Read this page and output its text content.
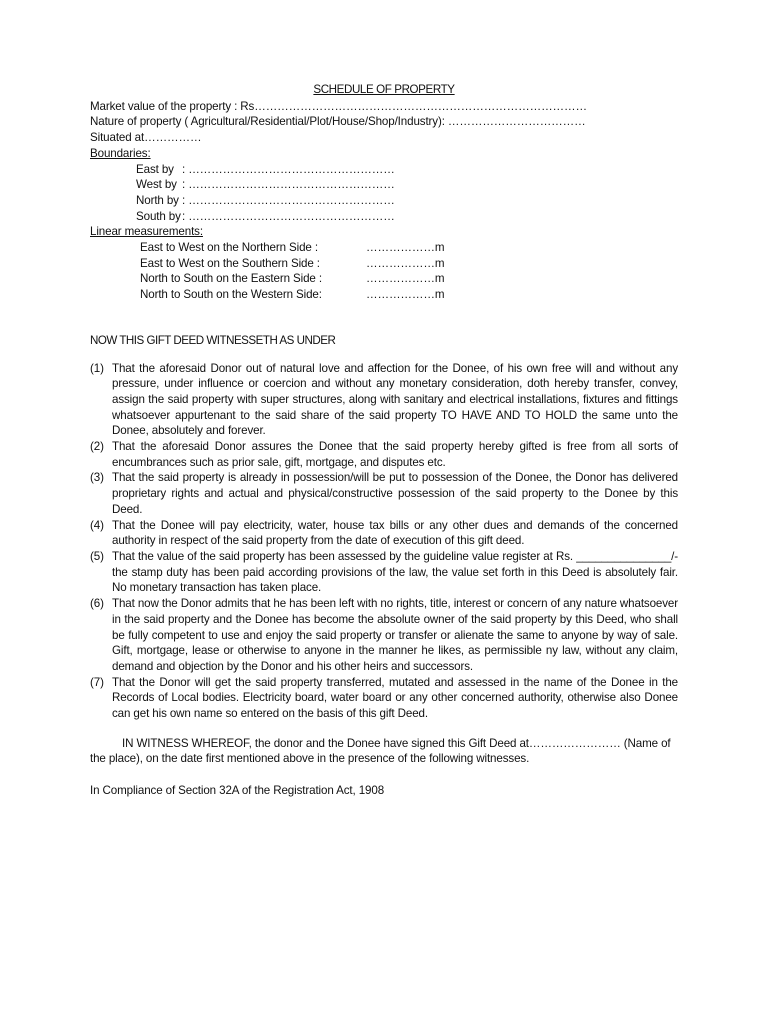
SCHEDULE OF PROPERTY
Market value of the property : Rs……………………………………………………………………………
Nature of property ( Agricultural/Residential/Plot/House/Shop/Industry): ………………………………
Situated at……………
Boundaries:
East by : ………………………………………………
West by : ………………………………………………
North by : ………………………………………………
South by : ………………………………………………
Linear measurements:
East to West on the Northern Side :	………………m
East to West on the Southern Side :	………………m
North to South on the Eastern Side :	………………m
North to South on the Western Side:	………………m
NOW THIS GIFT DEED WITNESSETH AS UNDER
(1) That the aforesaid Donor out of natural love and affection for the Donee, of his own free will and without any pressure, under influence or coercion and without any monetary consideration, doth hereby transfer, convey, assign the said property with super structures, along with sanitary and electrical installations, fixtures and fittings whatsoever appurtenant to the said share of the said property TO HAVE AND TO HOLD the same unto the Donee, absolutely and forever.
(2) That the aforesaid Donor assures the Donee that the said property hereby gifted is free from all sorts of encumbrances such as prior sale, gift, mortgage, and disputes etc.
(3) That the said property is already in possession/will be put to possession of the Donee, the Donor has delivered proprietary rights and actual and physical/constructive possession of the said property to the Donee by this Deed.
(4) That the Donee will pay electricity, water, house tax bills or any other dues and demands of the concerned authority in respect of the said property from the date of execution of this gift deed.
(5) That the value of the said property has been assessed by the guideline value register at Rs. _______________/- the stamp duty has been paid according provisions of the law, the value set forth in this Deed is absolutely fair. No monetary transaction has taken place.
(6) That now the Donor admits that he has been left with no rights, title, interest or concern of any nature whatsoever in the said property and the Donee has become the absolute owner of the said property by this Deed, who shall be fully competent to use and enjoy the said property or transfer or alienate the same to anyone by way of sale. Gift, mortgage, lease or otherwise to anyone in the manner he likes, as permissible ny law, without any claim, demand and objection by the Donor and his other heirs and successors.
(7) That the Donor will get the said property transferred, mutated and assessed in the name of the Donee in the Records of Local bodies. Electricity board, water board or any other concerned authority, otherwise also Donee can get his own name so entered on the basis of this gift Deed.
IN WITNESS WHEREOF, the donor and the Donee have signed this Gift Deed at…………………… (Name of the place), on the date first mentioned above in the presence of the following witnesses.
In Compliance of Section 32A of the Registration Act, 1908
